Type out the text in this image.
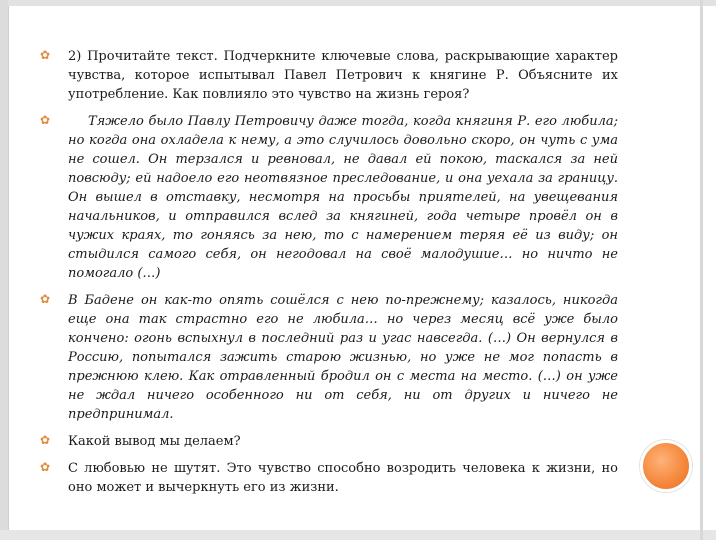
✿ 2) Прочитайте текст. Подчеркните ключевые слова, раскрывающие характер чувства, которое испытывал Павел Петрович к княгине Р. Объясните их употребление. Как повлияло это чувство на жизнь героя?

✿	Тяжело было Павлу Петровичу даже тогда, когда княгиня Р. его любила; но когда она охладела к нему, а это случилось довольно скоро, он чуть с ума не сошел. Он терзался и ревновал, не давал ей покою, таскался за ней повсюду; ей надоело его неотвязное преследование, и она уехала за границу. Он вышел в отставку, несмотря на просьбы приятелей, на увещевания начальников, и отправился вслед за княгиней, года четыре провёл он в чужих краях, то гоняясь за нею, то с намерением теряя её из виду; он стыдился самого себя, он негодовал на своё малодушие… но ничто не помогало (…)

✿ В Бадене он как-то опять сошёлся с нею по-прежнему; казалось, никогда еще она так страстно его не любила… но через месяц всё уже было кончено: огонь вспыхнул в последний раз и угас навсегда. (…) Он вернулся в Россию, попытался зажить старою жизнью, но уже не мог попасть в прежнюю клею. Как отравленный бродил он с места на место. (…) он уже не ждал ничего особенного ни от себя, ни от других и ничего не предпринимал.

✿ Какой вывод мы делаем?

✿ С любовью не шутят. Это чувство способно возродить человека к жизни, но оно может и вычеркнуть его из жизни.
